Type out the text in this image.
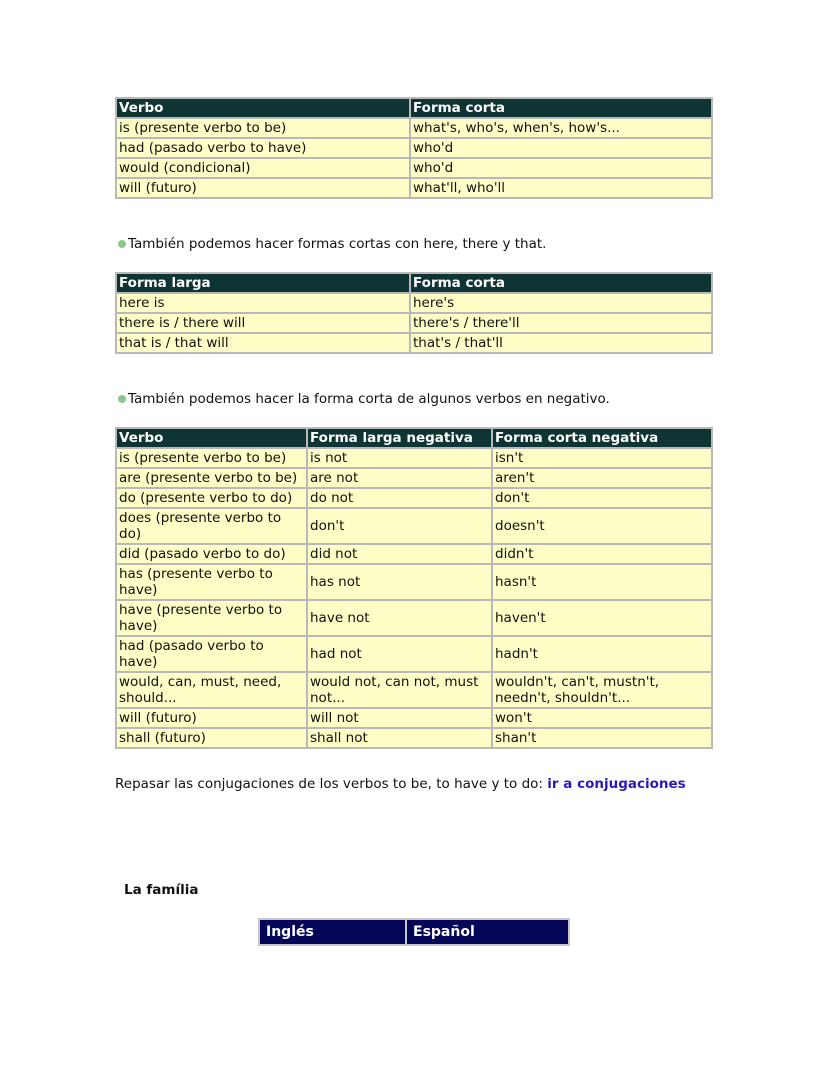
Verbo	Forma corta
is (presente verbo to be)	what's, who's, when's, how's...
had (pasado verbo to have)	who'd
would (condicional)	who'd
will (futuro)	what'll, who'll
También podemos hacer formas cortas con here, there y that.
Forma larga	Forma corta
here is	here's
there is / there will	there's / there'll
that is / that will	that's / that'll
También podemos hacer la forma corta de algunos verbos en negativo.
Verbo	Forma larga negativa	Forma corta negativa
is (presente verbo to be)	is not	isn't
are (presente verbo to be)	are not	aren't
do (presente verbo to do)	do not	don't
does (presente verbo to do)	don't	doesn't
did (pasado verbo to do)	did not	didn't
has (presente verbo to have)	has not	hasn't
have (presente verbo to have)	have not	haven't
had (pasado verbo to have)	had not	hadn't
would, can, must, need, should...	would not, can not, must not...	wouldn't, can't, mustn't, needn't, shouldn't...
will (futuro)	will not	won't
shall (futuro)	shall not	shan't
Repasar las conjugaciones de los verbos to be, to have y to do: ir a conjugaciones
La família
Inglés	Español
